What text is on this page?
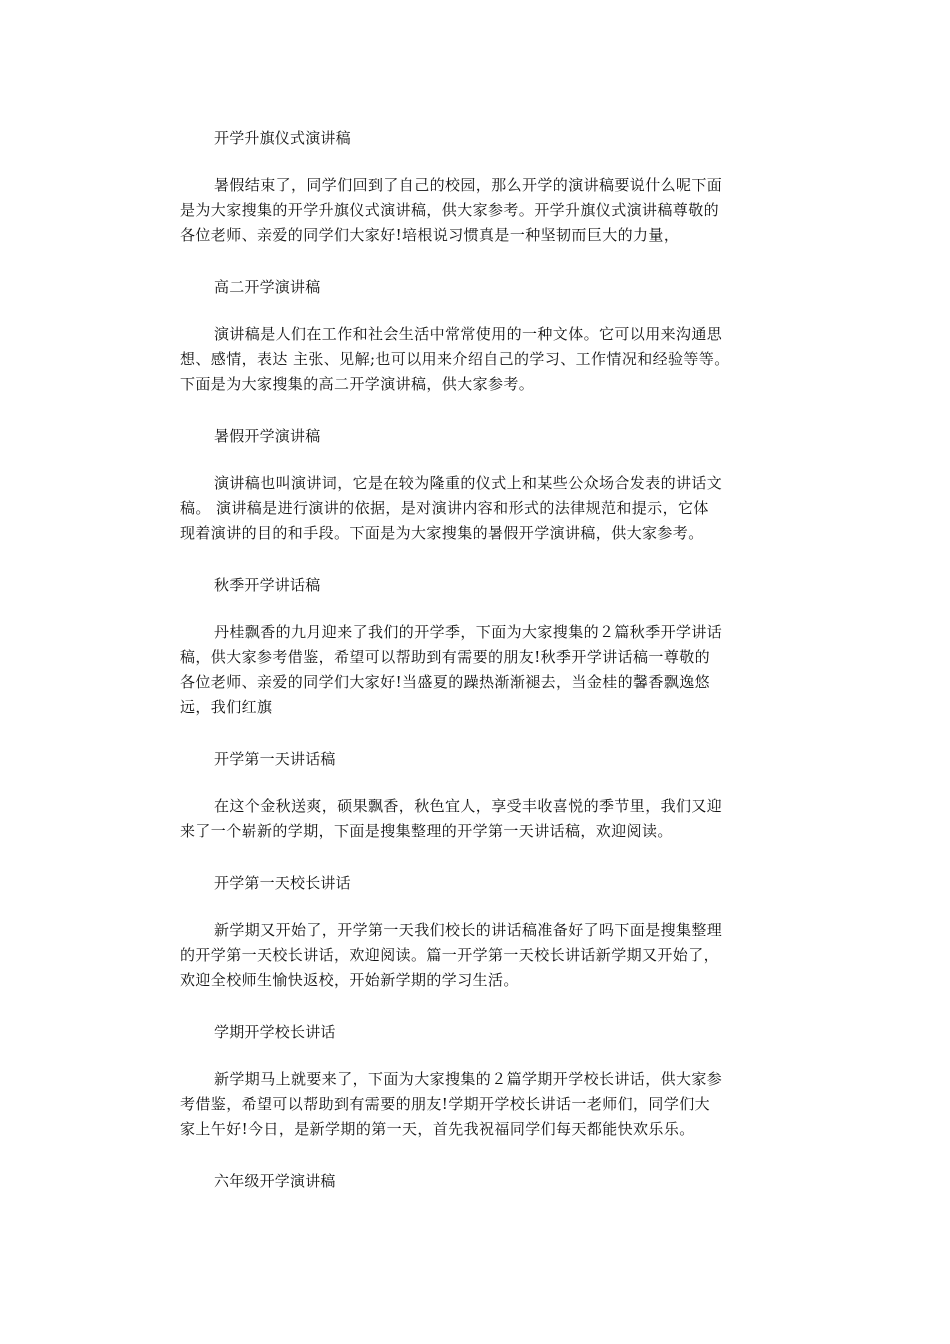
开学升旗仪式演讲稿
暑假结束了，同学们回到了自己的校园，那么开学的演讲稿要说什么呢下面
是为大家搜集的开学升旗仪式演讲稿，供大家参考。开学升旗仪式演讲稿尊敬的
各位老师、亲爱的同学们大家好!培根说习惯真是一种坚韧而巨大的力量，
高二开学演讲稿
演讲稿是人们在工作和社会生活中常常使用的一种文体。它可以用来沟通思
想、感情，表达 主张、见解;也可以用来介绍自己的学习、工作情况和经验等等。
下面是为大家搜集的高二开学演讲稿，供大家参考。
暑假开学演讲稿
演讲稿也叫演讲词，它是在较为隆重的仪式上和某些公众场合发表的讲话文
稿。 演讲稿是进行演讲的依据，是对演讲内容和形式的法律规范和提示，它体
现着演讲的目的和手段。下面是为大家搜集的暑假开学演讲稿，供大家参考。
秋季开学讲话稿
丹桂飘香的九月迎来了我们的开学季，下面为大家搜集的２篇秋季开学讲话
稿，供大家参考借鉴，希望可以帮助到有需要的朋友!秋季开学讲话稿一尊敬的
各位老师、亲爱的同学们大家好!当盛夏的躁热渐渐褪去，当金桂的馨香飘逸悠
远，我们红旗
开学第一天讲话稿
在这个金秋送爽，硕果飘香，秋色宜人，享受丰收喜悦的季节里，我们又迎
来了一个崭新的学期，下面是搜集整理的开学第一天讲话稿，欢迎阅读。
开学第一天校长讲话
新学期又开始了，开学第一天我们校长的讲话稿准备好了吗下面是搜集整理
的开学第一天校长讲话，欢迎阅读。篇一开学第一天校长讲话新学期又开始了，
欢迎全校师生愉快返校，开始新学期的学习生活。
学期开学校长讲话
新学期马上就要来了，下面为大家搜集的２篇学期开学校长讲话，供大家参
考借鉴，希望可以帮助到有需要的朋友!学期开学校长讲话一老师们，同学们大
家上午好!今日，是新学期的第一天，首先我祝福同学们每天都能快欢乐乐。
六年级开学演讲稿
